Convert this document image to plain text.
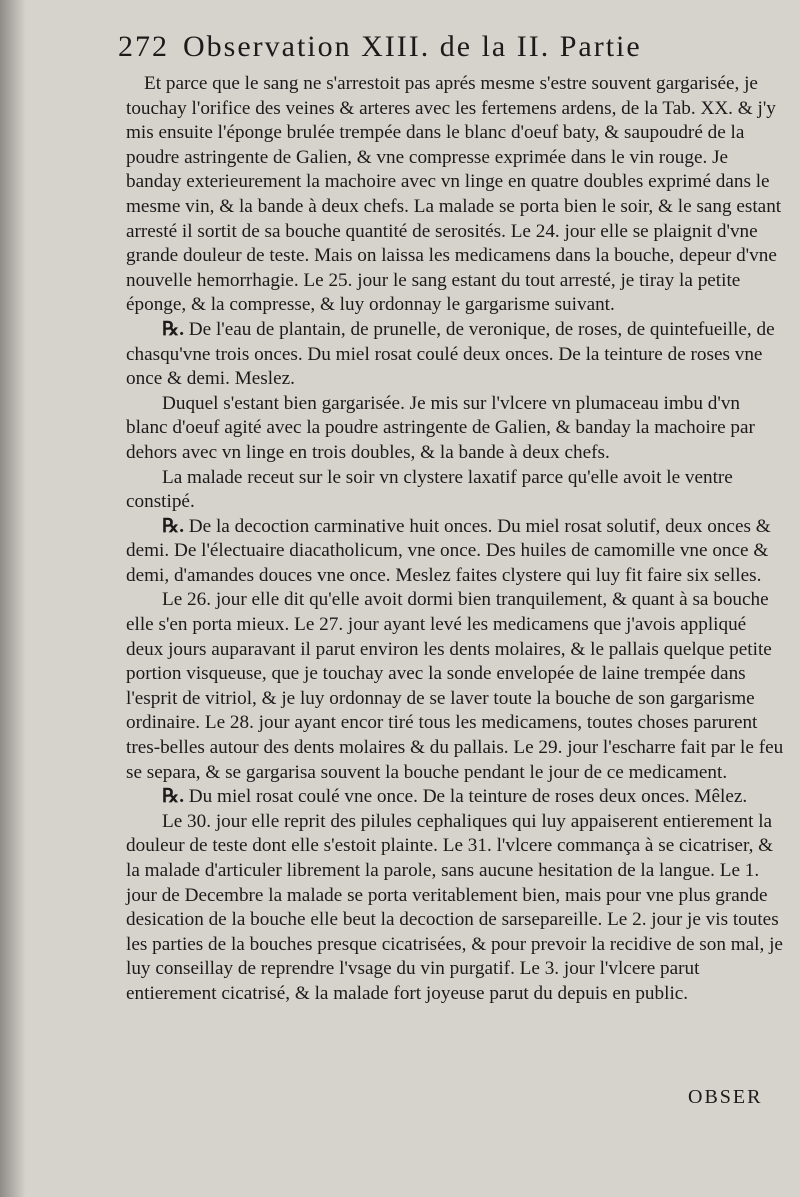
272 Observation XIII. de la II. Partie

Et parce que le sang ne s'arrestoit pas aprés mesme s'estre souvent gargarisée, je touchay l'orifice des veines & arteres avec les fertemens ardens, de la Tab. XX. & j'y mis ensuite l'éponge brulée trempée dans le blanc d'oeuf baty, & saupoudré de la poudre astringente de Galien, & vne compresse exprimée dans le vin rouge. Je banday exterieurement la machoire avec vn linge en quatre doubles exprimé dans le mesme vin, & la bande à deux chefs. La malade se porta bien le soir, & le sang estant arresté il sortit de sa bouche quantité de serosités. Le 24. jour elle se plaignit d'vne grande douleur de teste. Mais on laissa les medicamens dans la bouche, depeur d'vne nouvelle hemorrhagie. Le 25. jour le sang estant du tout arresté, je tiray la petite éponge, & la compresse, & luy ordonnay le gargarisme suivant.

℞. De l'eau de plantain, de prunelle, de veronique, de roses, de quintefueille, de chasqu'vne trois onces. Du miel rosat coulé deux onces. De la teinture de roses vne once & demi. Meslez.

Duquel s'estant bien gargarisée. Je mis sur l'vlcere vn plumaceau imbu d'vn blanc d'oeuf agité avec la poudre astringente de Galien, & banday la machoire par dehors avec vn linge en trois doubles, & la bande à deux chefs.

La malade receut sur le soir vn clystere laxatif parce qu'elle avoit le ventre constipé.

℞. De la decoction carminative huit onces. Du miel rosat solutif, deux onces & demi. De l'électuaire diacatholicum, vne once. Des huiles de camomille vne once & demi, d'amandes douces vne once. Meslez faites clystere qui luy fit faire six selles.

Le 26. jour elle dit qu'elle avoit dormi bien tranquilement, & quant à sa bouche elle s'en porta mieux. Le 27. jour ayant levé les medicamens que j'avois appliqué deux jours auparavant il parut environ les dents molaires, & le pallais quelque petite portion visqueuse, que je touchay avec la sonde envelopée de laine trempée dans l'esprit de vitriol, & je luy ordonnay de se laver toute la bouche de son gargarisme ordinaire. Le 28. jour ayant encor tiré tous les medicamens, toutes choses parurent tres-belles autour des dents molaires & du pallais. Le 29. jour l'escharre fait par le feu se separa, & se gargarisa souvent la bouche pendant le jour de ce medicament.

℞. Du miel rosat coulé vne once. De la teinture de roses deux onces. Mêlez.

Le 30. jour elle reprit des pilules cephaliques qui luy appaiserent entierement la douleur de teste dont elle s'estoit plainte. Le 31. l'vlcere commança à se cicatriser, & la malade d'articuler librement la parole, sans aucune hesitation de la langue. Le 1. jour de Decembre la malade se porta veritablement bien, mais pour vne plus grande desication de la bouche elle beut la decoction de sarsepareille. Le 2. jour je vis toutes les parties de la bouches presque cicatrisées, & pour prevoir la recidive de son mal, je luy conseillay de reprendre l'vsage du vin purgatif. Le 3. jour l'vlcere parut entierement cicatrisé, & la malade fort joyeuse parut du depuis en public.

OBSER
